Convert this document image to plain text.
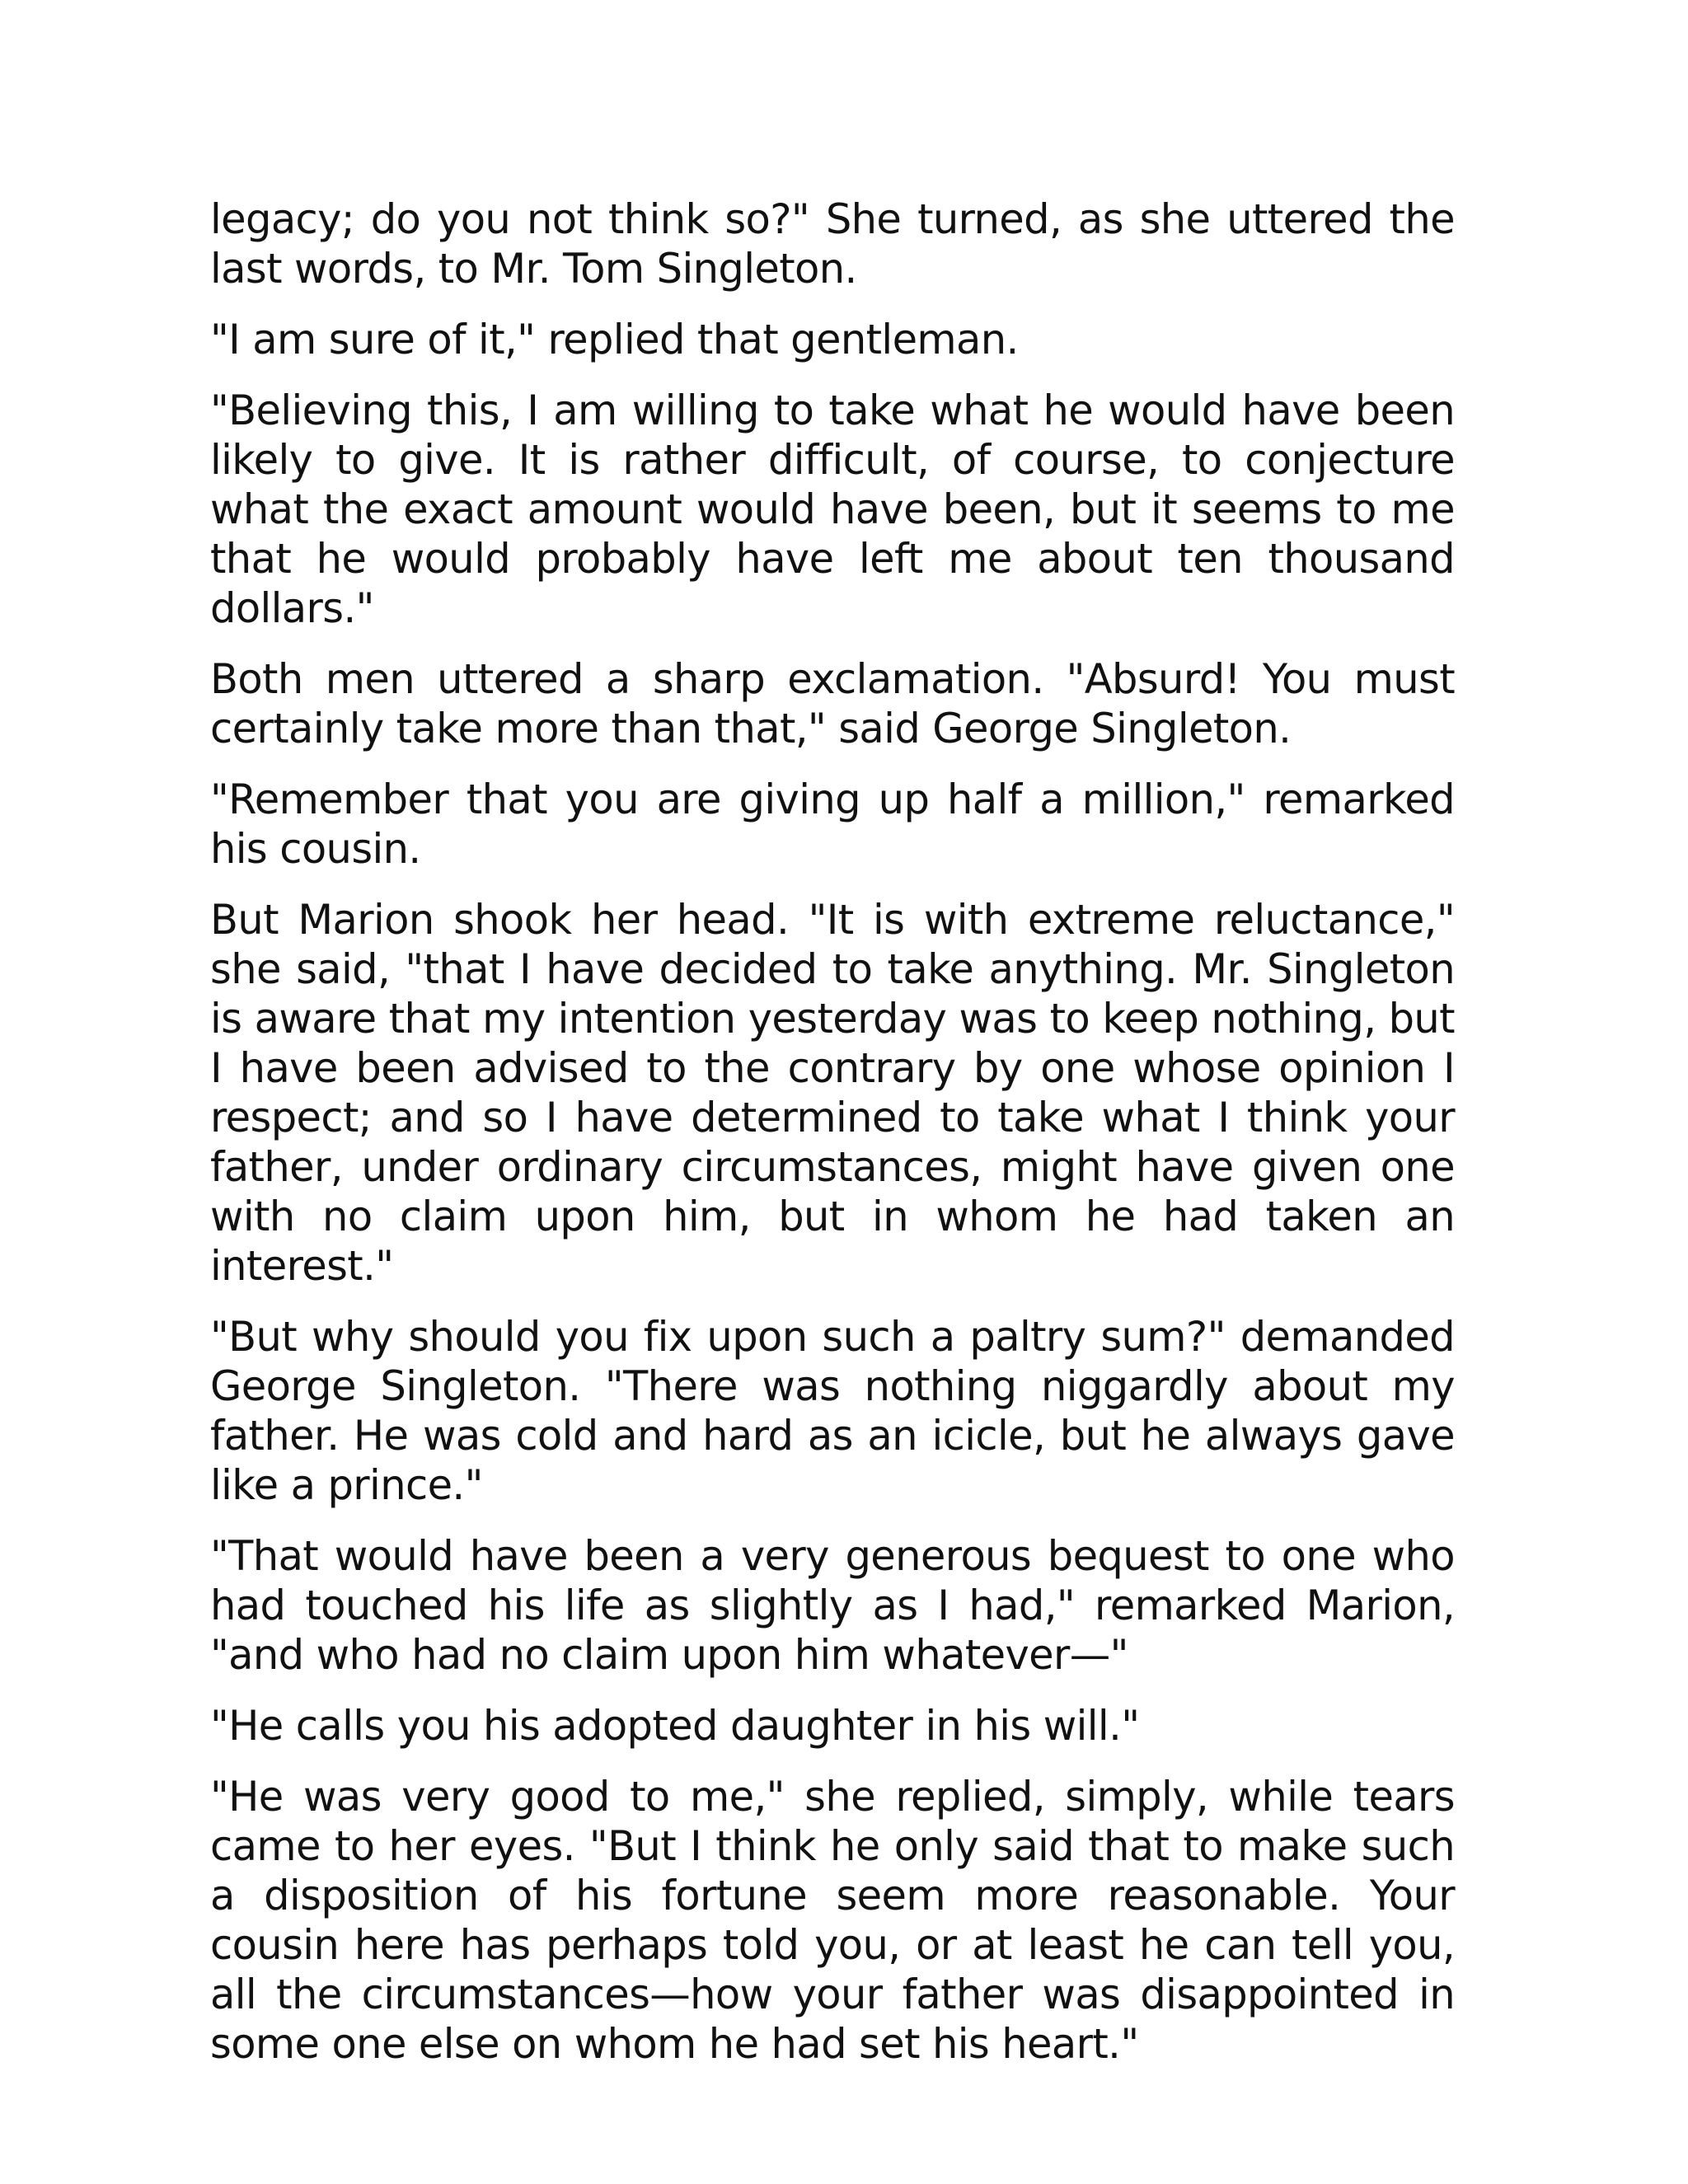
legacy; do you not think so?" She turned, as she uttered the last words, to Mr. Tom Singleton.

"I am sure of it," replied that gentleman.

"Believing this, I am willing to take what he would have been likely to give. It is rather difficult, of course, to conjecture what the exact amount would have been, but it seems to me that he would probably have left me about ten thousand dollars."

Both men uttered a sharp exclamation. "Absurd! You must certainly take more than that," said George Singleton.

"Remember that you are giving up half a million," remarked his cousin.

But Marion shook her head. "It is with extreme reluctance," she said, "that I have decided to take anything. Mr. Singleton is aware that my intention yesterday was to keep nothing, but I have been advised to the contrary by one whose opinion I respect; and so I have determined to take what I think your father, under ordinary circumstances, might have given one with no claim upon him, but in whom he had taken an interest."

"But why should you fix upon such a paltry sum?" demanded George Singleton. "There was nothing niggardly about my father. He was cold and hard as an icicle, but he always gave like a prince."

"That would have been a very generous bequest to one who had touched his life as slightly as I had," remarked Marion, "and who had no claim upon him whatever—"

"He calls you his adopted daughter in his will."

"He was very good to me," she replied, simply, while tears came to her eyes. "But I think he only said that to make such a disposition of his fortune seem more reasonable. Your cousin here has perhaps told you, or at least he can tell you, all the circumstances—how your father was disappointed in some one else on whom he had set his heart."
